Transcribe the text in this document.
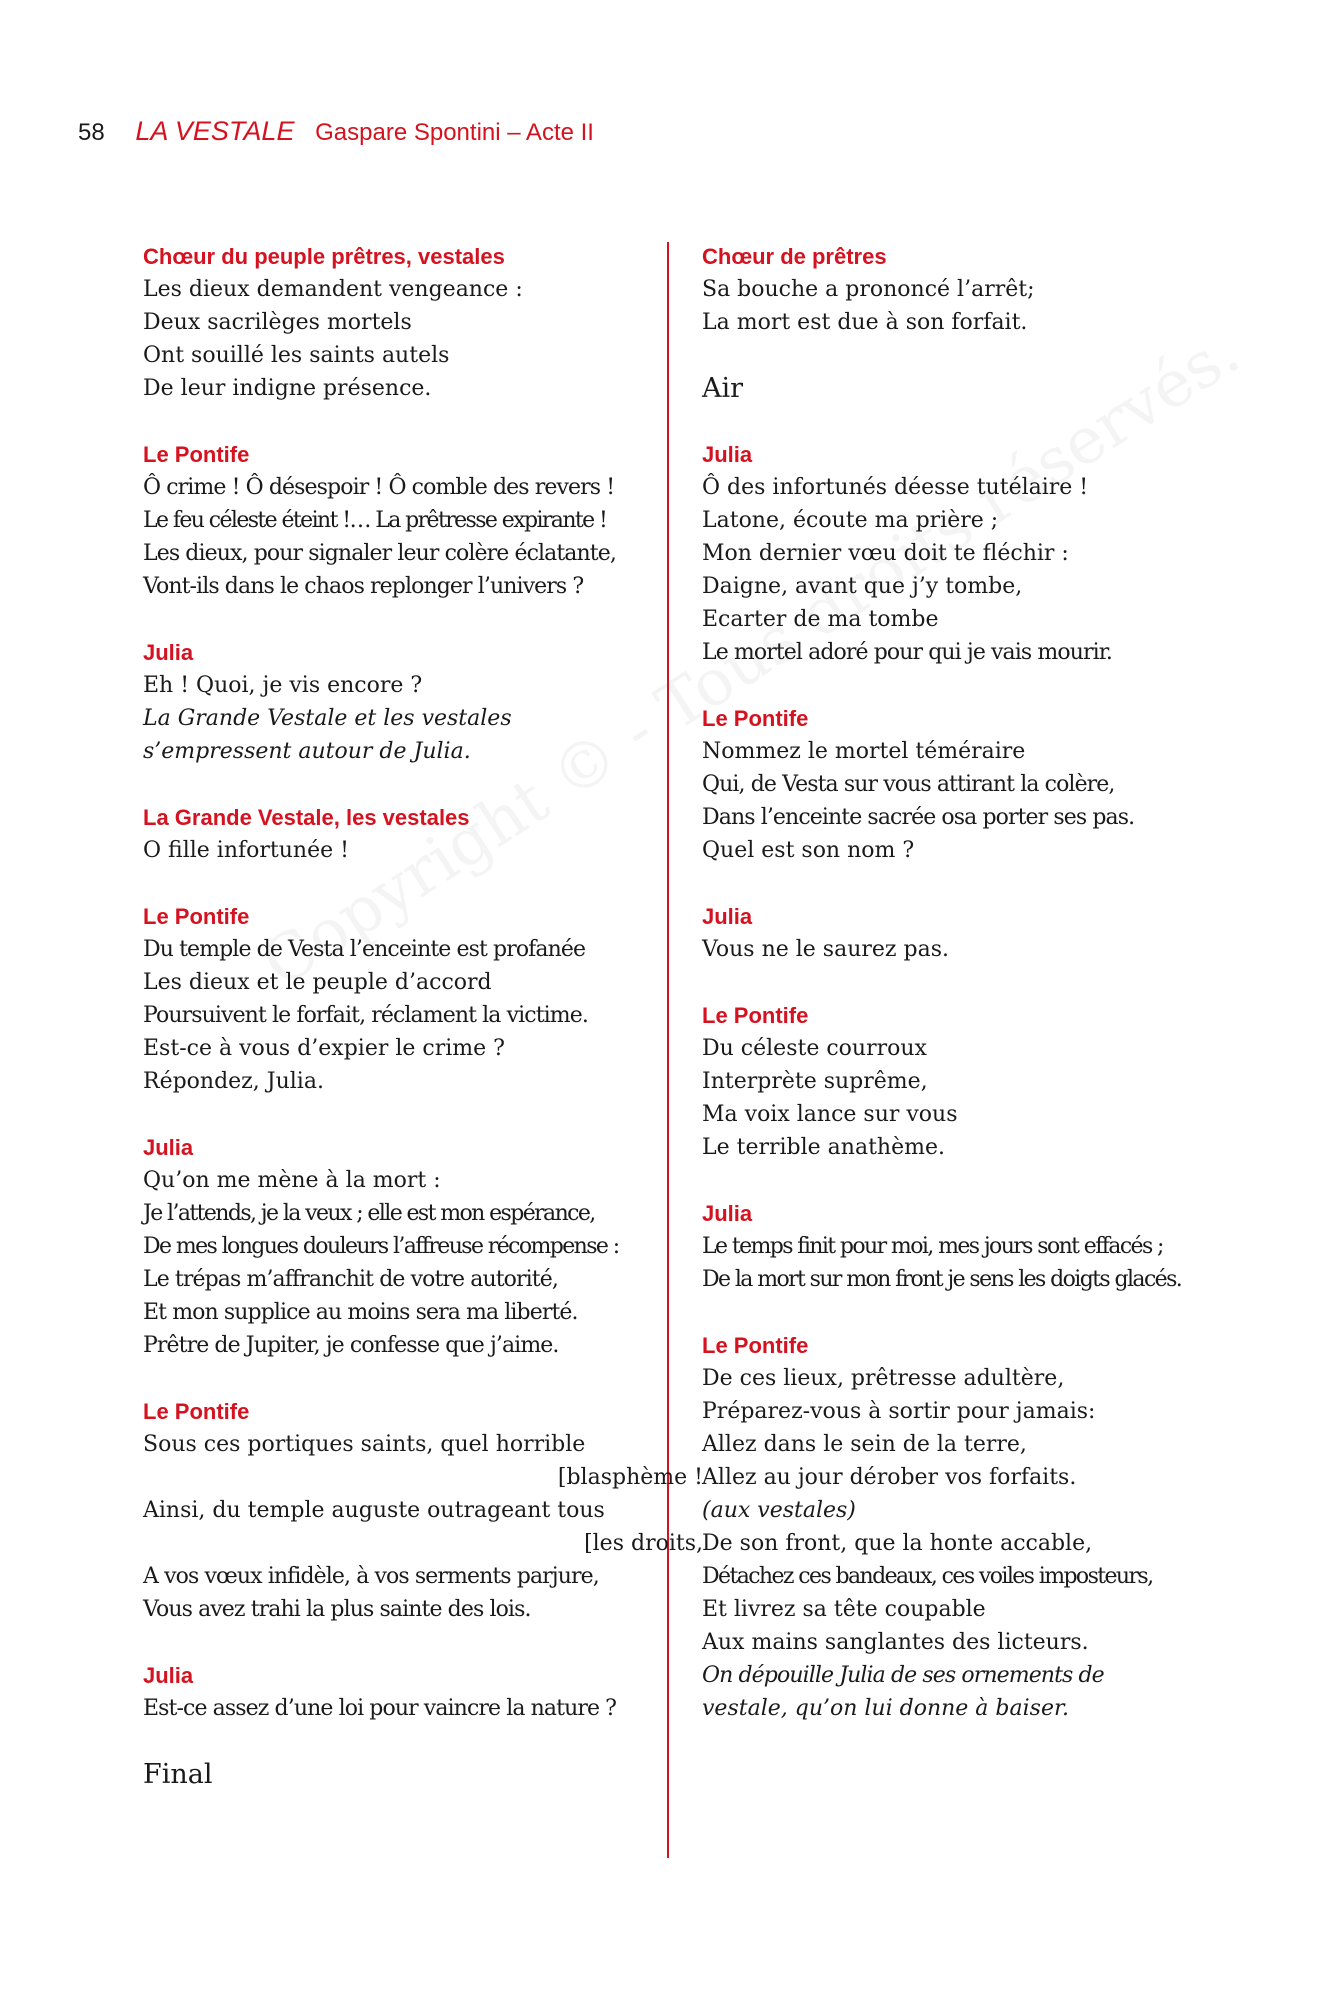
58 LA VESTALE Gaspare Spontini – Acte II
Chœur du peuple prêtres, vestales
Les dieux demandent vengeance :
Deux sacrilèges mortels
Ont souillé les saints autels
De leur indigne présence.
Le Pontife
Ô crime ! Ô désespoir ! Ô comble des revers !
Le feu céleste éteint !… La prêtresse expirante !
Les dieux, pour signaler leur colère éclatante,
Vont-ils dans le chaos replonger l’univers ?
Julia
Eh ! Quoi, je vis encore ?
La Grande Vestale et les vestales
s’empressent autour de Julia.
La Grande Vestale, les vestales
O fille infortunée !
Le Pontife
Du temple de Vesta l’enceinte est profanée
Les dieux et le peuple d’accord
Poursuivent le forfait, réclament la victime.
Est-ce à vous d’expier le crime ?
Répondez, Julia.
Julia
Qu’on me mène à la mort :
Je l’attends, je la veux ; elle est mon espérance,
De mes longues douleurs l’affreuse récompense :
Le trépas m’affranchit de votre autorité,
Et mon supplice au moins sera ma liberté.
Prêtre de Jupiter, je confesse que j’aime.
Le Pontife
Sous ces portiques saints, quel horrible
[blasphème !
Ainsi, du temple auguste outrageant tous
[les droits,
A vos vœux infidèle, à vos serments parjure,
Vous avez trahi la plus sainte des lois.
Julia
Est-ce assez d’une loi pour vaincre la nature ?
Final
Chœur de prêtres
Sa bouche a prononcé l’arrêt;
La mort est due à son forfait.
Air
Julia
Ô des infortunés déesse tutélaire !
Latone, écoute ma prière ;
Mon dernier vœu doit te fléchir :
Daigne, avant que j’y tombe,
Ecarter de ma tombe
Le mortel adoré pour qui je vais mourir.
Le Pontife
Nommez le mortel téméraire
Qui, de Vesta sur vous attirant la colère,
Dans l’enceinte sacrée osa porter ses pas.
Quel est son nom ?
Julia
Vous ne le saurez pas.
Le Pontife
Du céleste courroux
Interprète suprême,
Ma voix lance sur vous
Le terrible anathème.
Julia
Le temps finit pour moi, mes jours sont effacés ;
De la mort sur mon front je sens les doigts glacés.
Le Pontife
De ces lieux, prêtresse adultère,
Préparez-vous à sortir pour jamais:
Allez dans le sein de la terre,
Allez au jour dérober vos forfaits.
(aux vestales)
De son front, que la honte accable,
Détachez ces bandeaux, ces voiles imposteurs,
Et livrez sa tête coupable
Aux mains sanglantes des licteurs.
On dépouille Julia de ses ornements de
vestale, qu’on lui donne à baiser.
